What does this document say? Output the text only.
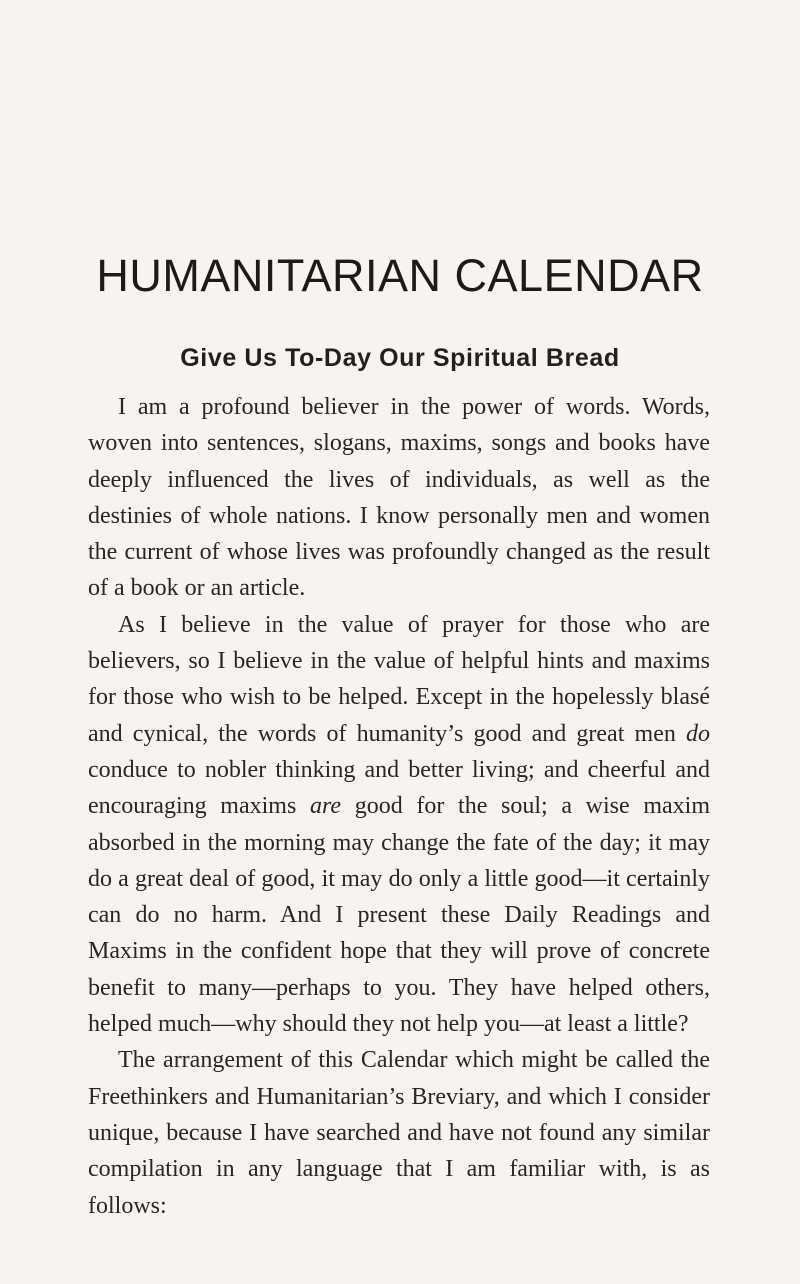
HUMANITARIAN CALENDAR
Give Us To-Day Our Spiritual Bread

I am a profound believer in the power of words. Words, woven into sentences, slogans, maxims, songs and books have deeply influenced the lives of individuals, as well as the destinies of whole nations. I know personally men and women the current of whose lives was profoundly changed as the result of a book or an article.

As I believe in the value of prayer for those who are believers, so I believe in the value of helpful hints and maxims for those who wish to be helped. Except in the hopelessly blasé and cynical, the words of humanity’s good and great men do conduce to nobler thinking and better living; and cheerful and encouraging maxims are good for the soul; a wise maxim absorbed in the morning may change the fate of the day; it may do a great deal of good, it may do only a little good—it certainly can do no harm. And I present these Daily Readings and Maxims in the confident hope that they will prove of concrete benefit to many—perhaps to you. They have helped others, helped much—why should they not help you—at least a little?

The arrangement of this Calendar which might be called the Freethinkers and Humanitarian’s Breviary, and which I consider unique, because I have searched and have not found any similar compilation in any language that I am familiar with, is as follows:
